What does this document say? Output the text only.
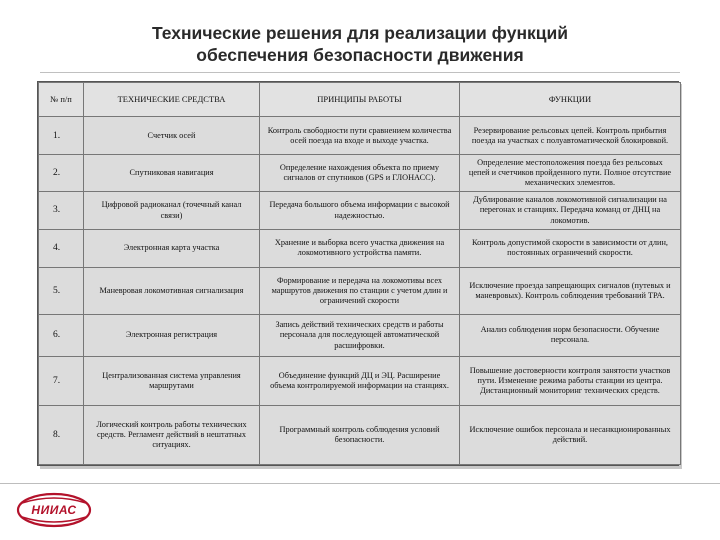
Технические решения для реализации функций
обеспечения безопасности движения
№ п/п	ТЕХНИЧЕСКИЕ СРЕДСТВА	ПРИНЦИПЫ РАБОТЫ	ФУНКЦИИ
1.	Счетчик осей	Контроль свободности пути сравнением количества осей поезда на входе и выходе участка.	Резервирование рельсовых цепей. Контроль прибытия поезда на участках с полуавтоматической блокировкой.
2.	Спутниковая навигация	Определение нахождения объекта по приему сигналов от спутников (GPS и ГЛОНАСС).	Определение местоположения поезда без рельсовых цепей и счетчиков пройденного пути. Полное отсутствие механических элементов.
3.	Цифровой радиоканал (точечный канал связи)	Передача большого объема информации с высокой надежностью.	Дублирование каналов локомотивной сигнализации на перегонах и станциях. Передача команд от ДНЦ на локомотив.
4.	Электронная карта участка	Хранение и выборка всего участка движения на локомотивного устройства памяти.	Контроль допустимой скорости в зависимости от длин, постоянных ограничений скорости.
5.	Маневровая локомотивная сигнализация	Формирование и передача на локомотивы всех маршрутов движения по станции с учетом длин и ограничений скорости	Исключение проезда запрещающих сигналов (путевых и маневровых). Контроль соблюдения требований ТРА.
6.	Электронная регистрация	Запись действий технических средств и работы персонала для последующей автоматической расшифровки.	Анализ соблюдения норм безопасности. Обучение персонала.
7.	Централизованная система управления маршрутами	Объединение функций ДЦ и ЭЦ. Расширение объема контролируемой информации на станциях.	Повышение достоверности контроля занятости участков пути. Изменение режима работы станции из центра. Дистанционный мониторинг технических средств.
8.	Логический контроль работы технических средств. Регламент действий в нештатных ситуациях.	Программный контроль соблюдения условий безопасности.	Исключение ошибок персонала и несанкционированных действий.
НИИАС
